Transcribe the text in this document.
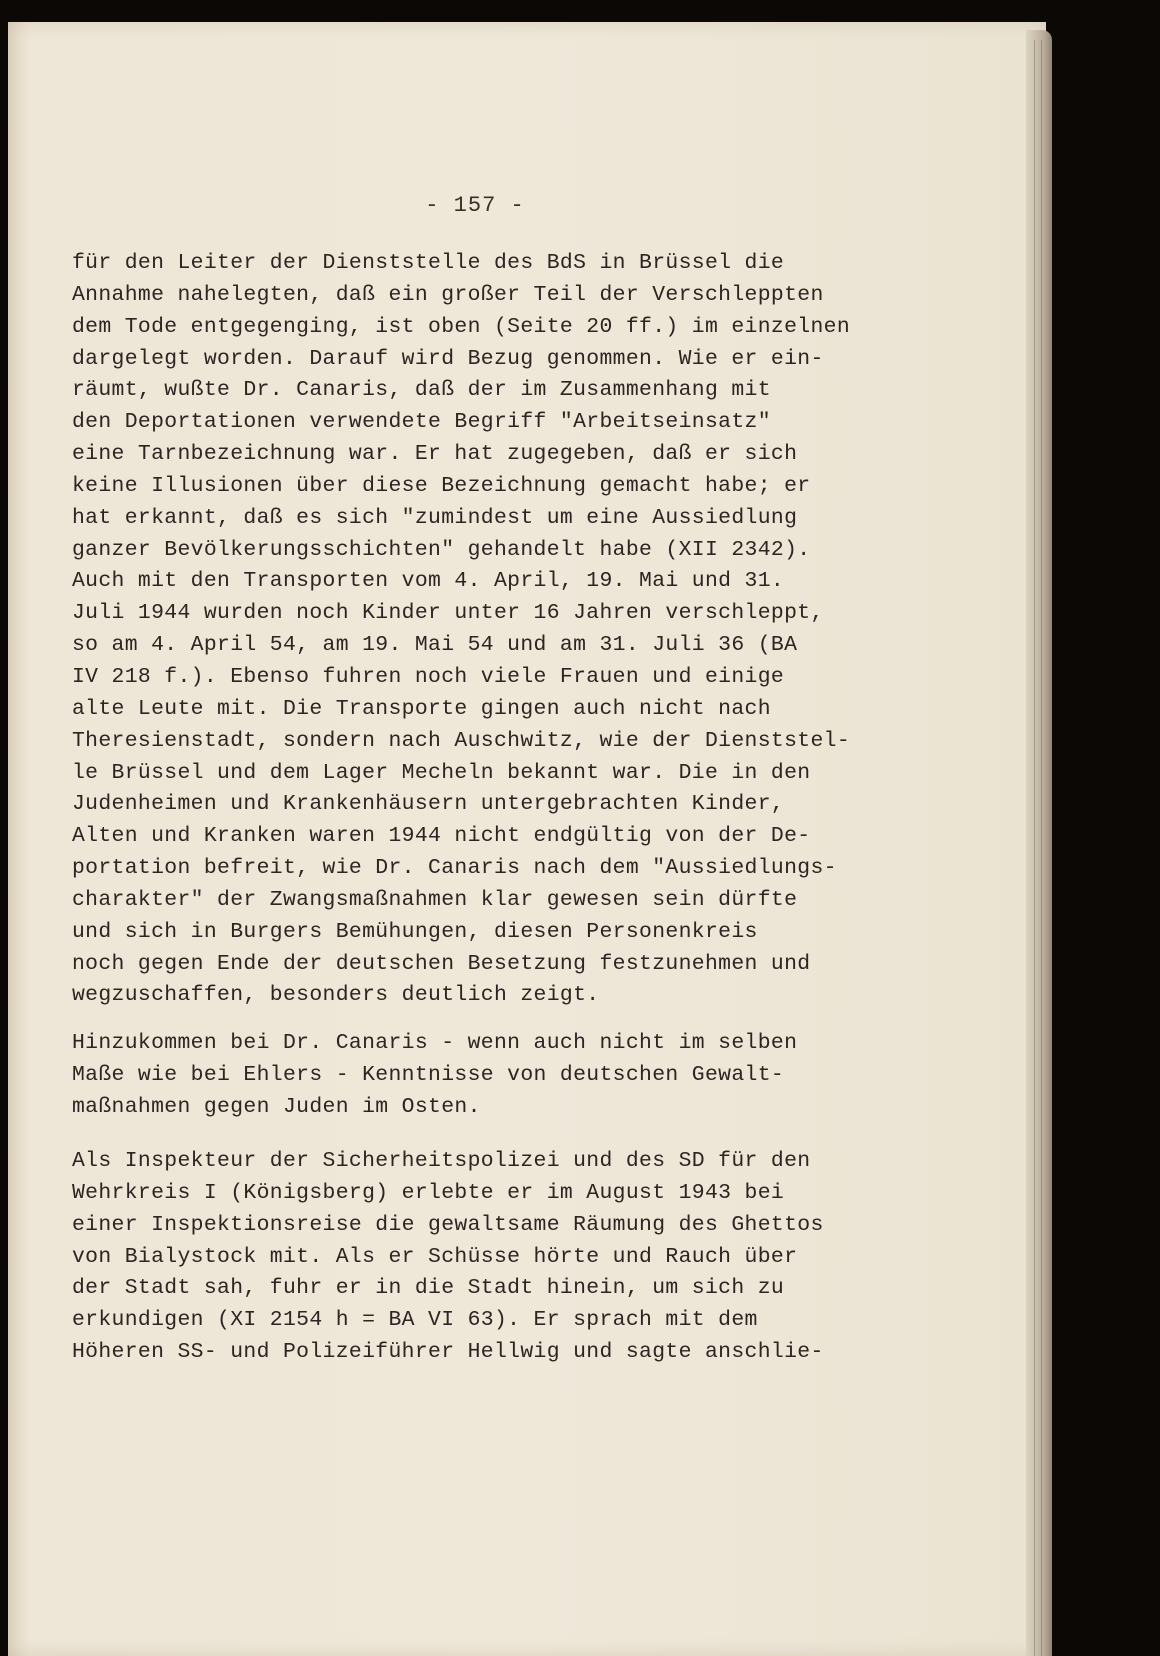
- 157 -
für den Leiter der Dienststelle des BdS in Brüssel die
Annahme nahelegten, daß ein großer Teil der Verschleppten
dem Tode entgegenging, ist oben (Seite 20 ff.) im einzelnen
dargelegt worden. Darauf wird Bezug genommen. Wie er ein-
räumt, wußte Dr. Canaris, daß der im Zusammenhang mit
den Deportationen verwendete Begriff "Arbeitseinsatz"
eine Tarnbezeichnung war. Er hat zugegeben, daß er sich
keine Illusionen über diese Bezeichnung gemacht habe; er
hat erkannt, daß es sich "zumindest um eine Aussiedlung
ganzer Bevölkerungsschichten" gehandelt habe (XII 2342).
Auch mit den Transporten vom 4. April, 19. Mai und 31.
Juli 1944 wurden noch Kinder unter 16 Jahren verschleppt,
so am 4. April 54, am 19. Mai 54 und am 31. Juli 36 (BA
IV 218 f.). Ebenso fuhren noch viele Frauen und einige
alte Leute mit. Die Transporte gingen auch nicht nach
Theresienstadt, sondern nach Auschwitz, wie der Dienststel-
le Brüssel und dem Lager Mecheln bekannt war. Die in den
Judenheimen und Krankenhäusern untergebrachten Kinder,
Alten und Kranken waren 1944 nicht endgültig von der De-
portation befreit, wie Dr. Canaris nach dem "Aussiedlungs-
charakter" der Zwangsmaßnahmen klar gewesen sein dürfte
und sich in Burgers Bemühungen, diesen Personenkreis
noch gegen Ende der deutschen Besetzung festzunehmen und
wegzuschaffen, besonders deutlich zeigt.
Hinzukommen bei Dr. Canaris - wenn auch nicht im selben
Maße wie bei Ehlers - Kenntnisse von deutschen Gewalt-
maßnahmen gegen Juden im Osten.
Als Inspekteur der Sicherheitspolizei und des SD für den
Wehrkreis I (Königsberg) erlebte er im August 1943 bei
einer Inspektionsreise die gewaltsame Räumung des Ghettos
von Bialystock mit. Als er Schüsse hörte und Rauch über
der Stadt sah, fuhr er in die Stadt hinein, um sich zu
erkundigen (XI 2154 h = BA VI 63). Er sprach mit dem
Höheren SS- und Polizeiführer Hellwig und sagte anschlie-
